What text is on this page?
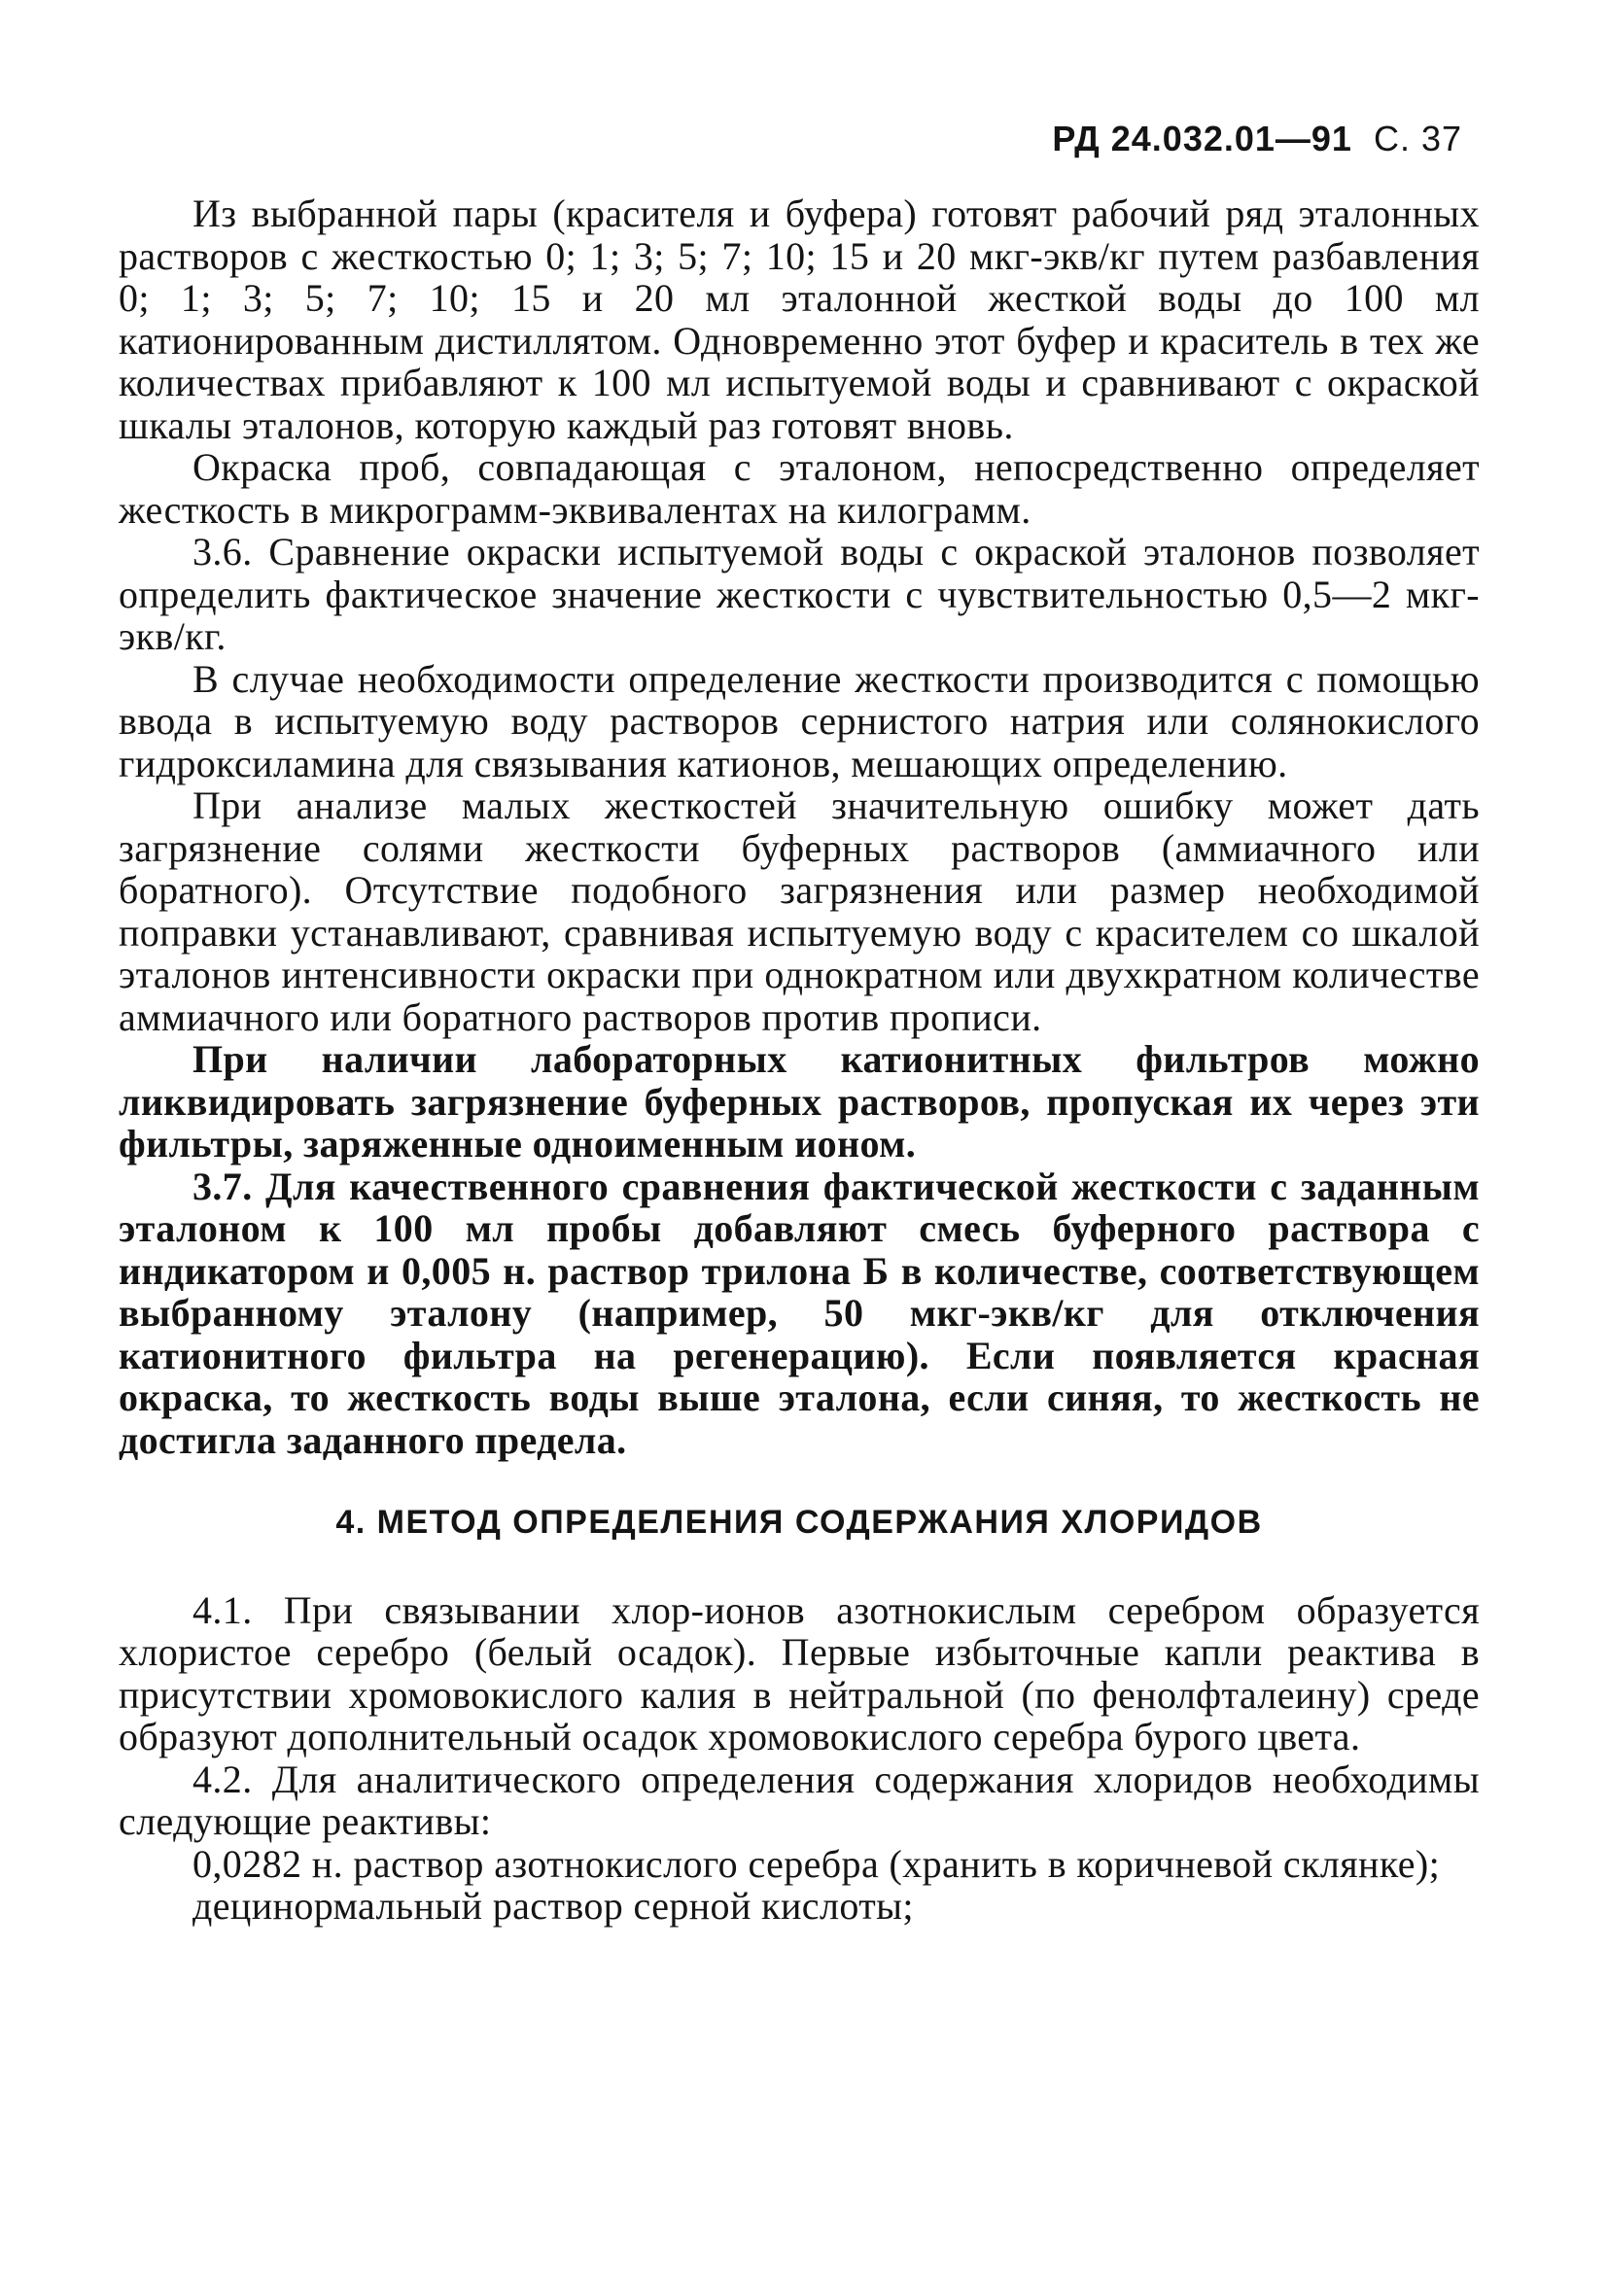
РД 24.032.01—91 С. 37

Из выбранной пары (красителя и буфера) готовят рабочий ряд эталонных растворов с жесткостью 0; 1; 3; 5; 7; 10; 15 и 20 мкг-экв/кг путем разбавления 0; 1; 3; 5; 7; 10; 15 и 20 мл эталонной жесткой воды до 100 мл катионированным дистиллятом. Одновременно этот буфер и краситель в тех же количествах прибавляют к 100 мл испытуемой воды и сравнивают с окраской шкалы эталонов, которую каждый раз готовят вновь.

Окраска проб, совпадающая с эталоном, непосредственно определяет жесткость в микрограмм-эквивалентах на килограмм.

3.6. Сравнение окраски испытуемой воды с окраской эталонов позволяет определить фактическое значение жесткости с чувствительностью 0,5—2 мкг-экв/кг.

В случае необходимости определение жесткости производится с помощью ввода в испытуемую воду растворов сернистого натрия или солянокислого гидроксиламина для связывания катионов, мешающих определению.

При анализе малых жесткостей значительную ошибку может дать загрязнение солями жесткости буферных растворов (аммиачного или боратного). Отсутствие подобного загрязнения или размер необходимой поправки устанавливают, сравнивая испытуемую воду с красителем со шкалой эталонов интенсивности окраски при однократном или двухкратном количестве аммиачного или боратного растворов против прописи.

При наличии лабораторных катионитных фильтров можно ликвидировать загрязнение буферных растворов, пропуская их через эти фильтры, заряженные одноименным ионом.

3.7. Для качественного сравнения фактической жесткости с заданным эталоном к 100 мл пробы добавляют смесь буферного раствора с индикатором и 0,005 н. раствор трилона Б в количестве, соответствующем выбранному эталону (например, 50 мкг-экв/кг для отключения катионитного фильтра на регенерацию). Если появляется красная окраска, то жесткость воды выше эталона, если синяя, то жесткость не достигла заданного предела.

4. МЕТОД ОПРЕДЕЛЕНИЯ СОДЕРЖАНИЯ ХЛОРИДОВ

4.1. При связывании хлор-ионов азотнокислым серебром образуется хлористое серебро (белый осадок). Первые избыточные капли реактива в присутствии хромовокислого калия в нейтральной (по фенолфталеину) среде образуют дополнительный осадок хромовокислого серебра бурого цвета.

4.2. Для аналитического определения содержания хлоридов необходимы следующие реактивы:

0,0282 н. раствор азотнокислого серебра (хранить в коричневой склянке);

децинормальный раствор серной кислоты;
